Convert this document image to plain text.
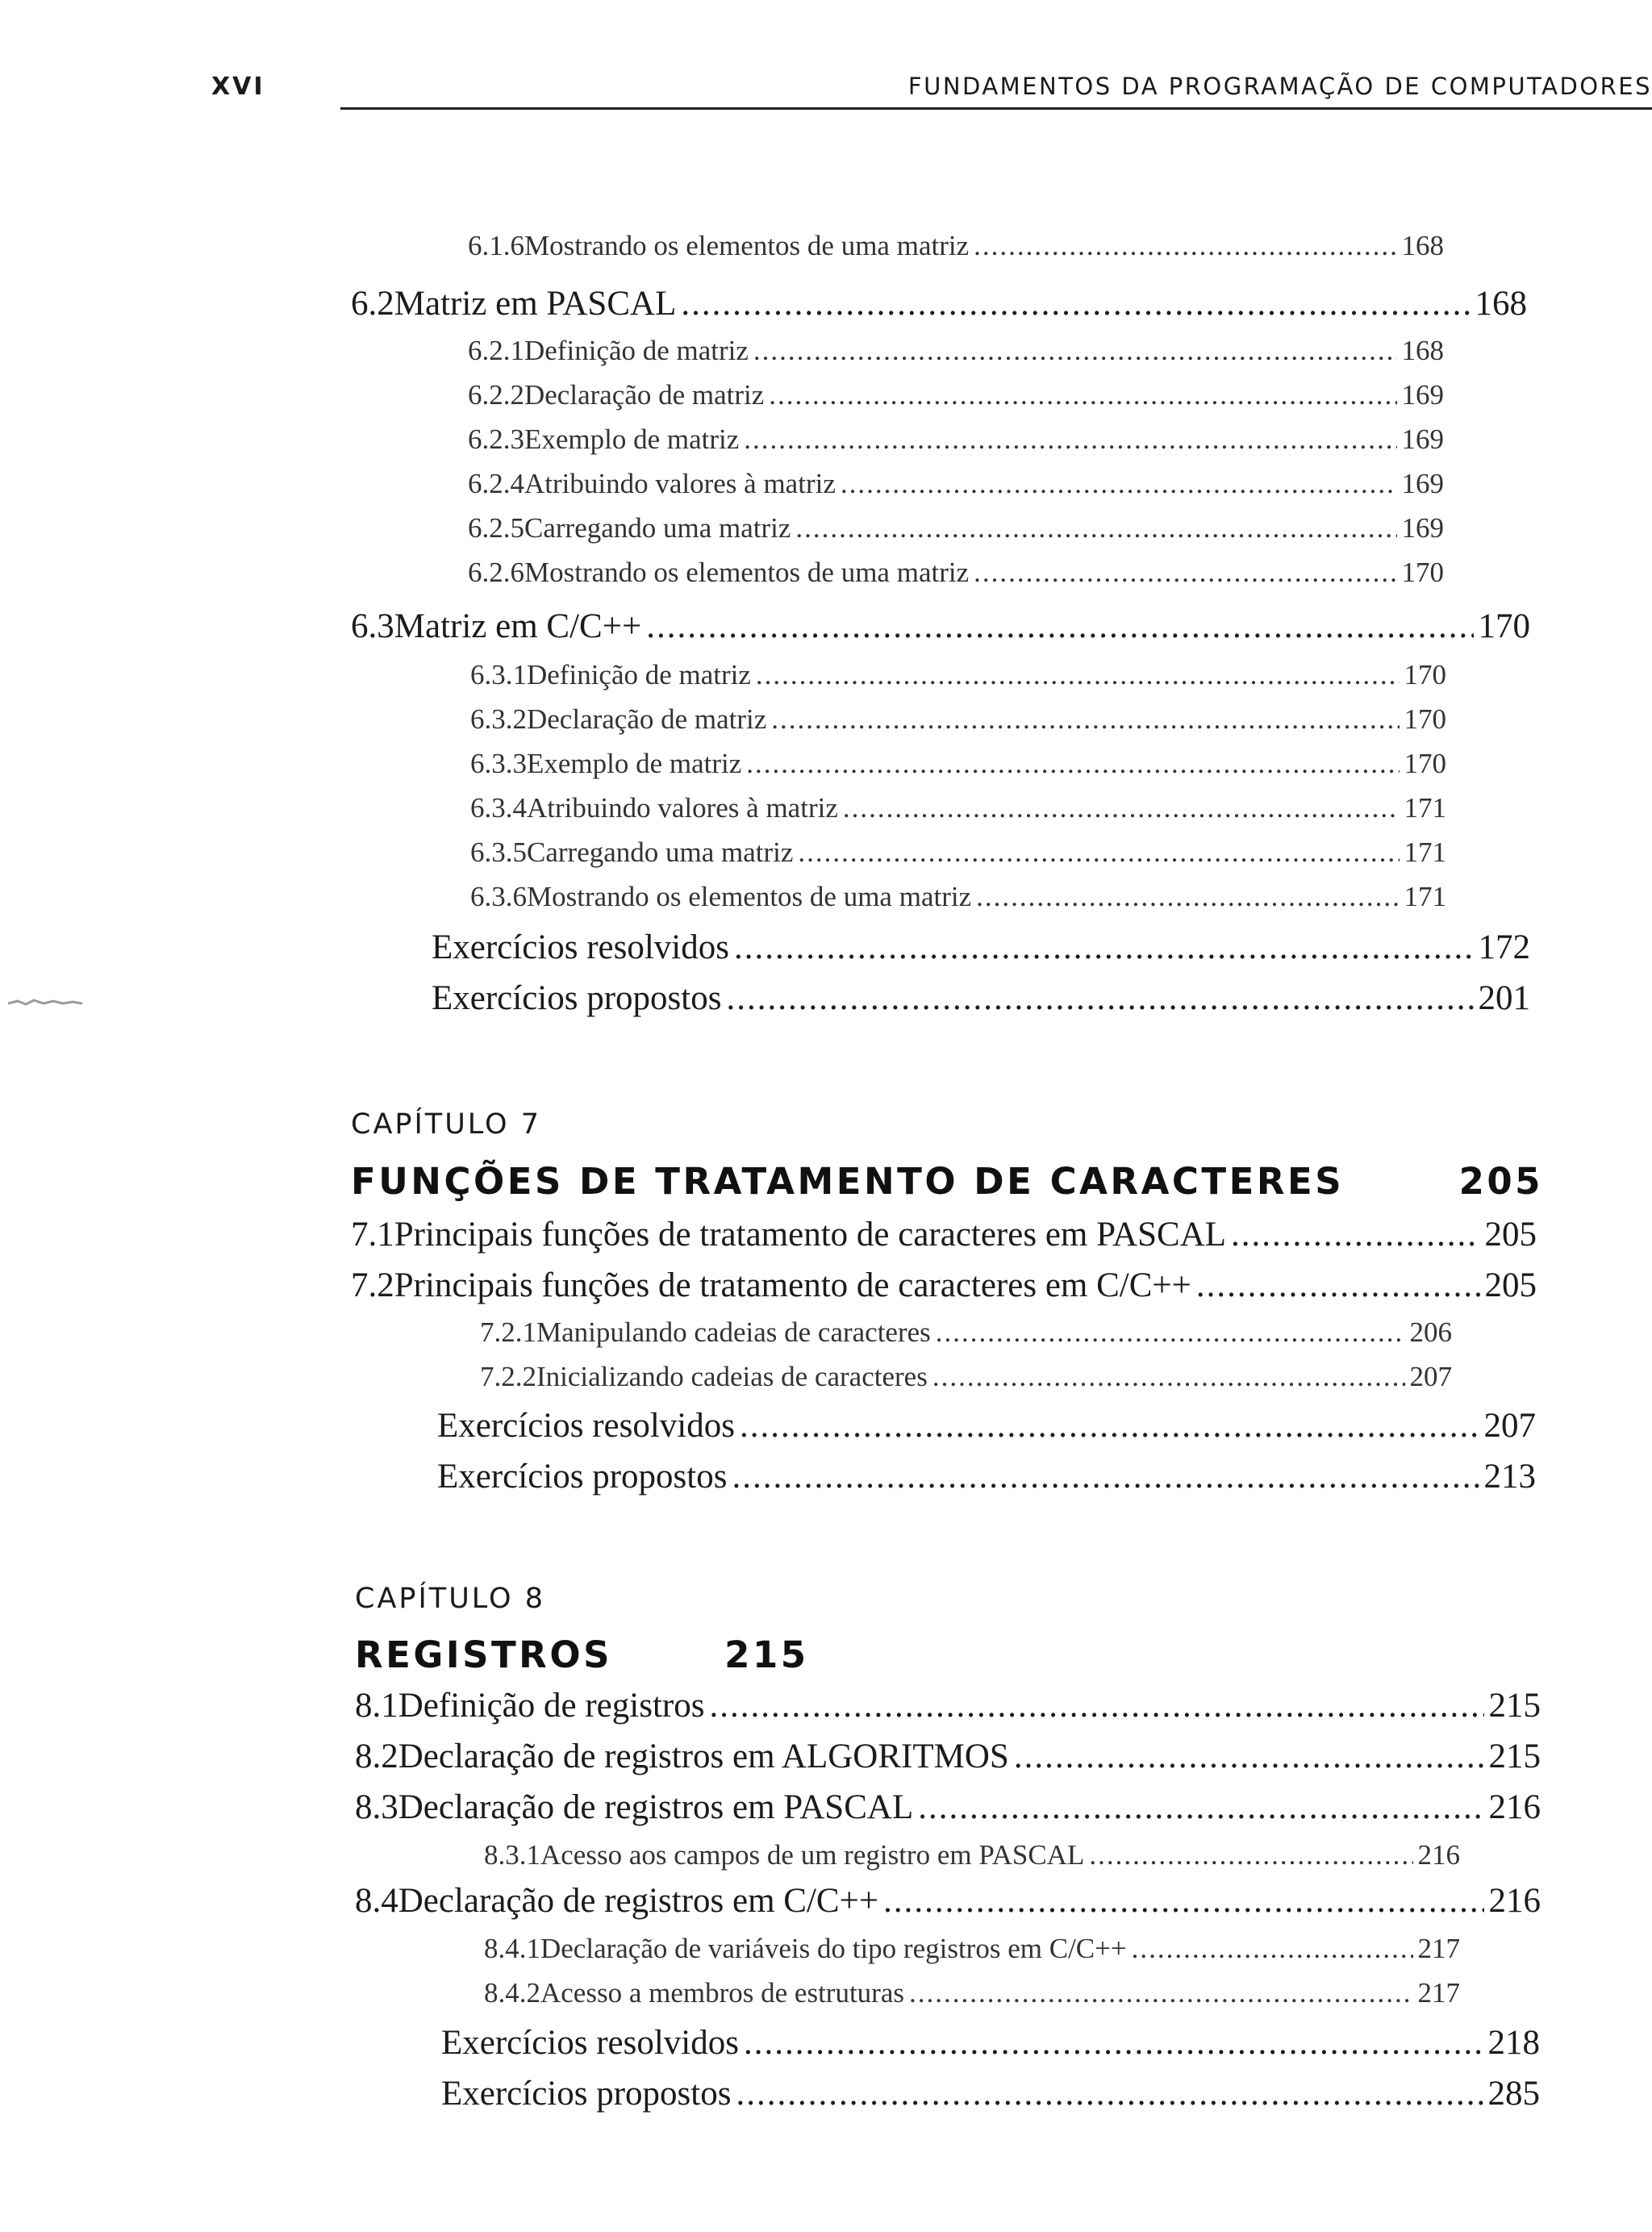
XVI	FUNDAMENTOS DA PROGRAMAÇÃO DE COMPUTADORES
6.1.6 Mostrando os elementos de uma matriz .....	168
6.2 Matriz em PASCAL .....	168
6.2.1 Definição de matriz .....	168
6.2.2 Declaração de matriz .....	169
6.2.3 Exemplo de matriz .....	169
6.2.4 Atribuindo valores à matriz .....	169
6.2.5 Carregando uma matriz .....	169
6.2.6 Mostrando os elementos de uma matriz .....	170
6.3 Matriz em C/C++ .....	170
6.3.1 Definição de matriz .....	170
6.3.2 Declaração de matriz .....	170
6.3.3 Exemplo de matriz .....	170
6.3.4 Atribuindo valores à matriz .....	171
6.3.5 Carregando uma matriz .....	171
6.3.6 Mostrando os elementos de uma matriz .....	171
Exercícios resolvidos .....	172
Exercícios propostos .....	201
CAPÍTULO 7
FUNÇÕES DE TRATAMENTO DE CARACTERES	205
7.1 Principais funções de tratamento de caracteres em PASCAL .....	205
7.2 Principais funções de tratamento de caracteres em C/C++ .....	205
7.2.1 Manipulando cadeias de caracteres .....	206
7.2.2 Inicializando cadeias de caracteres .....	207
Exercícios resolvidos .....	207
Exercícios propostos .....	213
CAPÍTULO 8
REGISTROS	215
8.1 Definição de registros .....	215
8.2 Declaração de registros em ALGORITMOS .....	215
8.3 Declaração de registros em PASCAL .....	216
8.3.1 Acesso aos campos de um registro em PASCAL .....	216
8.4 Declaração de registros em C/C++ .....	216
8.4.1 Declaração de variáveis do tipo registros em C/C++ .....	217
8.4.2 Acesso a membros de estruturas .....	217
Exercícios resolvidos .....	218
Exercícios propostos .....	285
